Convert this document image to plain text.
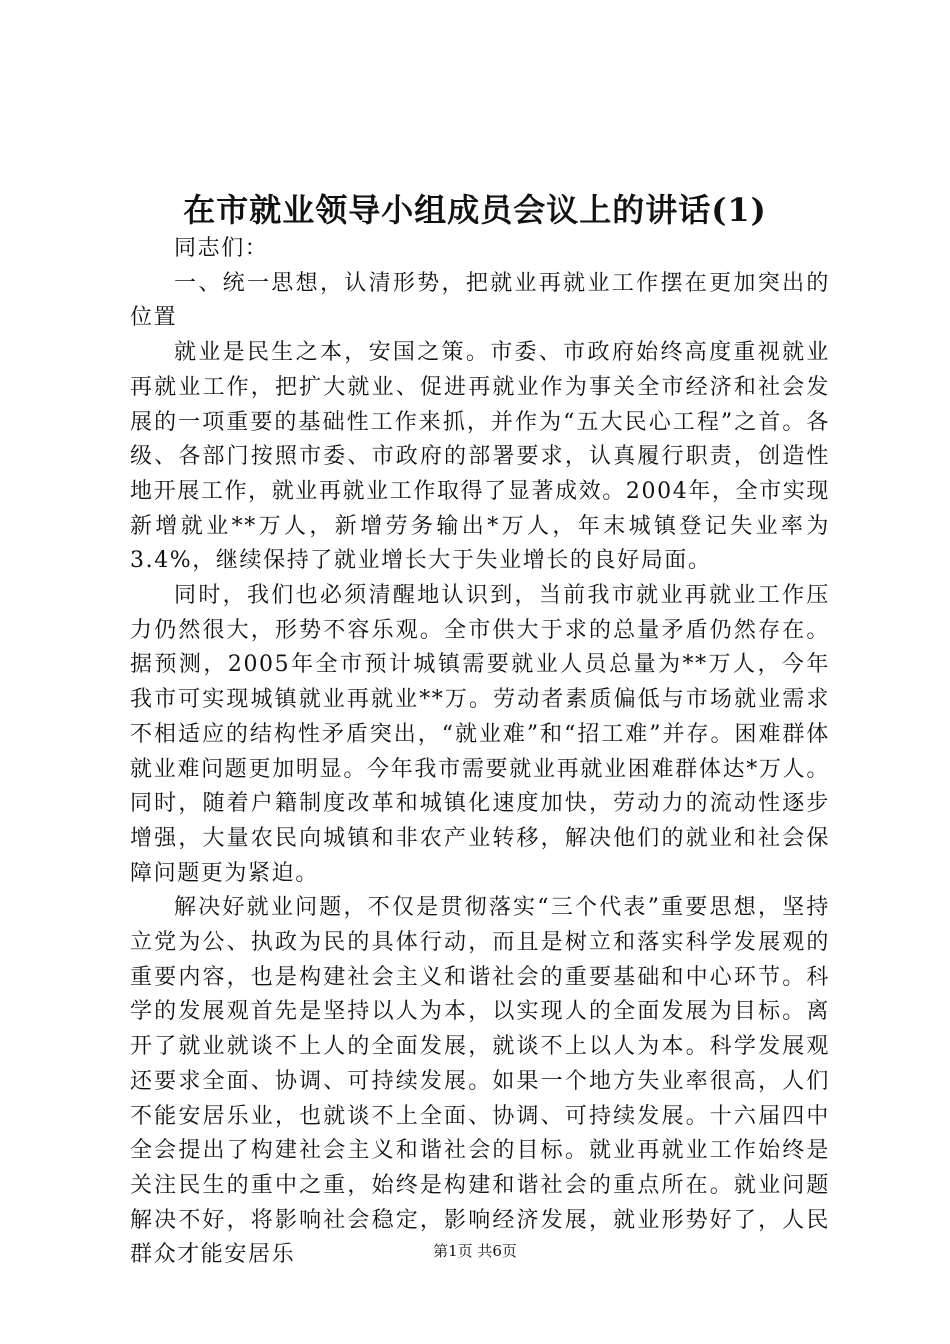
在市就业领导小组成员会议上的讲话(1)

同志们：

一、统一思想，认清形势，把就业再就业工作摆在更加突出的位置

就业是民生之本，安国之策。市委、市政府始终高度重视就业再就业工作，把扩大就业、促进再就业作为事关全市经济和社会发展的一项重要的基础性工作来抓，并作为“五大民心工程”之首。各级、各部门按照市委、市政府的部署要求，认真履行职责，创造性地开展工作，就业再就业工作取得了显著成效。2004年，全市实现新增就业**万人，新增劳务输出*万人，年末城镇登记失业率为3.4%，继续保持了就业增长大于失业增长的良好局面。

同时，我们也必须清醒地认识到，当前我市就业再就业工作压力仍然很大，形势不容乐观。全市供大于求的总量矛盾仍然存在。据预测，2005年全市预计城镇需要就业人员总量为**万人，今年我市可实现城镇就业再就业**万。劳动者素质偏低与市场就业需求不相适应的结构性矛盾突出，“就业难”和“招工难”并存。困难群体就业难问题更加明显。今年我市需要就业再就业困难群体达*万人。同时，随着户籍制度改革和城镇化速度加快，劳动力的流动性逐步增强，大量农民向城镇和非农产业转移，解决他们的就业和社会保障问题更为紧迫。

解决好就业问题，不仅是贯彻落实“三个代表”重要思想，坚持立党为公、执政为民的具体行动，而且是树立和落实科学发展观的重要内容，也是构建社会主义和谐社会的重要基础和中心环节。科学的发展观首先是坚持以人为本，以实现人的全面发展为目标。离开了就业就谈不上人的全面发展，就谈不上以人为本。科学发展观还要求全面、协调、可持续发展。如果一个地方失业率很高，人们不能安居乐业，也就谈不上全面、协调、可持续发展。十六届四中全会提出了构建社会主义和谐社会的目标。就业再就业工作始终是关注民生的重中之重，始终是构建和谐社会的重点所在。就业问题解决不好，将影响社会稳定，影响经济发展，就业形势好了，人民群众才能安居乐	第1页 共6页
